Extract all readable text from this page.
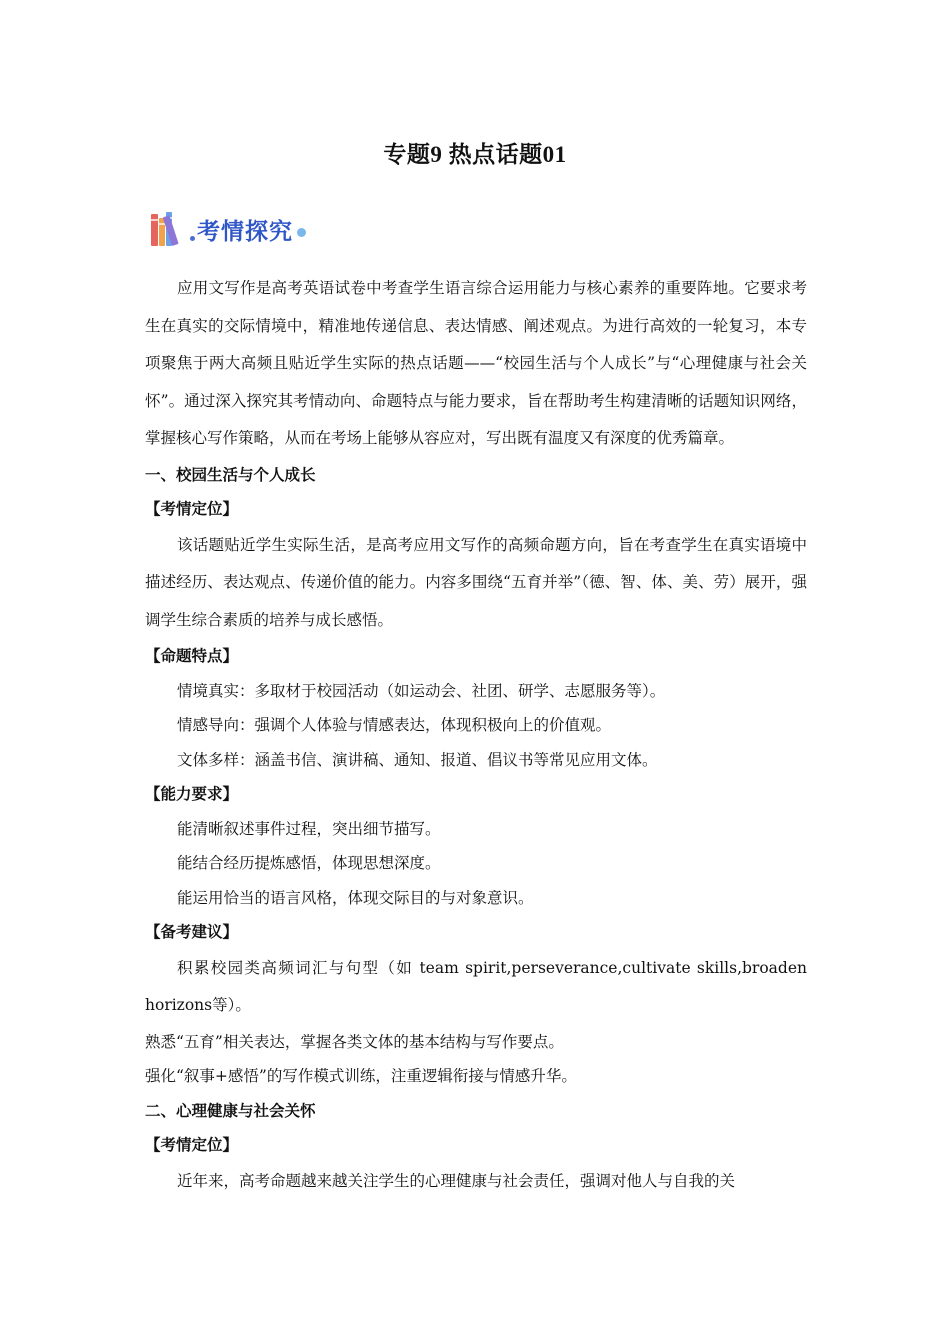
专题9 热点话题01
考情探究

应用文写作是高考英语试卷中考查学生语言综合运用能力与核心素养的重要阵地。它要求考生在真实的交际情境中，精准地传递信息、表达情感、阐述观点。为进行高效的一轮复习，本专项聚焦于两大高频且贴近学生实际的热点话题——“校园生活与个人成长”与“心理健康与社会关怀”。通过深入探究其考情动向、命题特点与能力要求，旨在帮助考生构建清晰的话题知识网络，掌握核心写作策略，从而在考场上能够从容应对，写出既有温度又有深度的优秀篇章。

一、校园生活与个人成长

【考情定位】

该话题贴近学生实际生活，是高考应用文写作的高频命题方向，旨在考查学生在真实语境中描述经历、表达观点、传递价值的能力。内容多围绕“五育并举”（德、智、体、美、劳）展开，强调学生综合素质的培养与成长感悟。

【命题特点】

情境真实：多取材于校园活动（如运动会、社团、研学、志愿服务等）。

情感导向：强调个人体验与情感表达，体现积极向上的价值观。

文体多样：涵盖书信、演讲稿、通知、报道、倡议书等常见应用文体。

【能力要求】

能清晰叙述事件过程，突出细节描写。

能结合经历提炼感悟，体现思想深度。

能运用恰当的语言风格，体现交际目的与对象意识。

【备考建议】

积累校园类高频词汇与句型（如 team spirit,perseverance,cultivate skills,broaden horizons等）。

熟悉“五育”相关表达，掌握各类文体的基本结构与写作要点。

强化“叙事+感悟”的写作模式训练，注重逻辑衔接与情感升华。

二、心理健康与社会关怀

【考情定位】

近年来，高考命题越来越关注学生的心理健康与社会责任，强调对他人与自我的关
